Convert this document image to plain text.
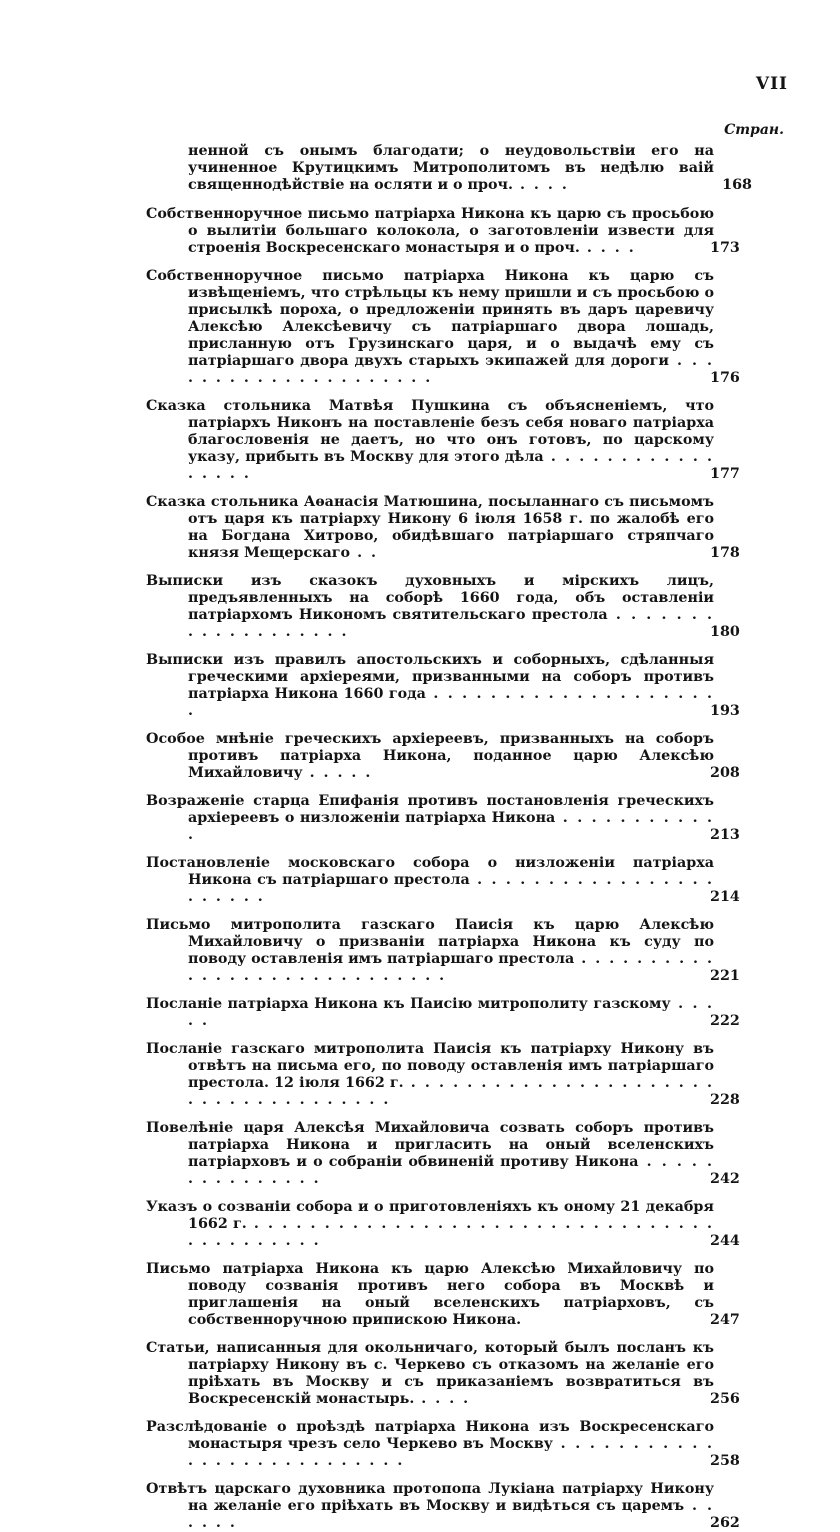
VII
Стран.
ненной съ онымъ благодати; о неудовольствіи его на учиненное Крутицкимъ Митрополитомъ въ недѣлю ваій священнодѣйствіе на осляти и о проч. . . . .	168
Собственноручное письмо патріарха Никона къ царю съ просьбою о вылитіи большаго колокола, о заготовленіи извести для строенія Воскресенскаго монастыря и о проч. . . . .	173
Собственноручное письмо патріарха Никона къ царю съ извѣщеніемъ, что стрѣльцы къ нему пришли и съ просьбою о присылкѣ пороха, о предложеніи принять въ даръ царевичу Алексѣю Алексѣевичу съ патріаршаго двора лошадь, присланную отъ Грузинскаго царя, и о выдачѣ ему съ патріаршаго двора двухъ старыхъ экипажей для дороги . . . . . . . . . . . . . . . . . . . . .	176
Сказка стольника Матвѣя Пушкина съ объясненіемъ, что патріархъ Никонъ на поставленіе безъ себя новаго патріарха благословенія не даетъ, но что онъ готовъ, по царскому указу, прибыть въ Москву для этого дѣла . . . . . . . . . . . . . . . . .	177
Сказка стольника Аѳанасія Матюшина, посыланнаго съ письмомъ отъ царя къ патріарху Никону 6 іюля 1658 г. по жалобѣ его на Богдана Хитрово, обидѣвшаго патріаршаго стряпчаго князя Мещерскаго . .	178
Выписки изъ сказокъ духовныхъ и мірскихъ лицъ, предъявленныхъ на соборѣ 1660 года, объ оставленіи патріархомъ Никономъ святительскаго престола . . . . . . . . . . . . . . . . . . .	180
Выписки изъ правилъ апостольскихъ и соборныхъ, сдѣланныя греческими архіереями, призванными на соборъ противъ патріарха Никона 1660 года . . . . . . . . . . . . . . . . . . . . .	193
Особое мнѣніе греческихъ архіереевъ, призванныхъ на соборъ противъ патріарха Никона, поданное царю Алексѣю Михайловичу . . . . .	208
Возраженіе старца Епифанія противъ постановленія греческихъ архіереевъ о низложеніи патріарха Никона . . . . . . . . . . . .	213
Постановленіе московскаго собора о низложеніи патріарха Никона съ патріаршаго престола . . . . . . . . . . . . . . . . . . . . . . .	214
Письмо митрополита газскаго Паисія къ царю Алексѣю Михайловичу о призваніи патріарха Никона къ суду по поводу оставленія имъ патріаршаго престола . . . . . . . . . . . . . . . . . . . . . . . . . . . . .	221
Посланіе патріарха Никона къ Паисію митрополиту газскому . . . . .	222
Посланіе газскаго митрополита Паисія къ патріарху Никону въ отвѣтъ на письма его, по поводу оставленія имъ патріаршаго престола. 12 іюля 1662 г. . . . . . . . . . . . . . . . . . . . . . . . . . . . . . . . . . . . . .	228
Повелѣніе царя Алексѣя Михайловича созвать соборъ противъ патріарха Никона и пригласить на оный вселенскихъ патріарховъ и о собраніи обвиненій противу Никона . . . . . . . . . . . . . . .	242
Указъ о созваніи собора и о приготовленіяхъ къ оному 21 декабря 1662 г. . . . . . . . . . . . . . . . . . . . . . . . . . . . . . . . . . . . . . . . . . . .	244
Письмо патріарха Никона къ царю Алексѣю Михайловичу по поводу созванія противъ него собора въ Москвѣ и приглашенія на оный вселенскихъ патріарховъ, съ собственноручною припискою Никона.	247
Статьи, написанныя для окольничаго, который былъ посланъ къ патріарху Никону въ с. Черкево съ отказомъ на желаніе его пріѣхать въ Москву и съ приказаніемъ возвратиться въ Воскресенскій монастырь. . . . .	256
Разслѣдованіе о проѣздѣ патріарха Никона изъ Воскресенскаго монастыря чрезъ село Черкево въ Москву . . . . . . . . . . . . . . . . . . . . . . . . . . .	258
Отвѣтъ царскаго духовника протопопа Лукіана патріарху Никону на желаніе его пріѣхать въ Москву и видѣться съ царемъ . . . . . .	262
